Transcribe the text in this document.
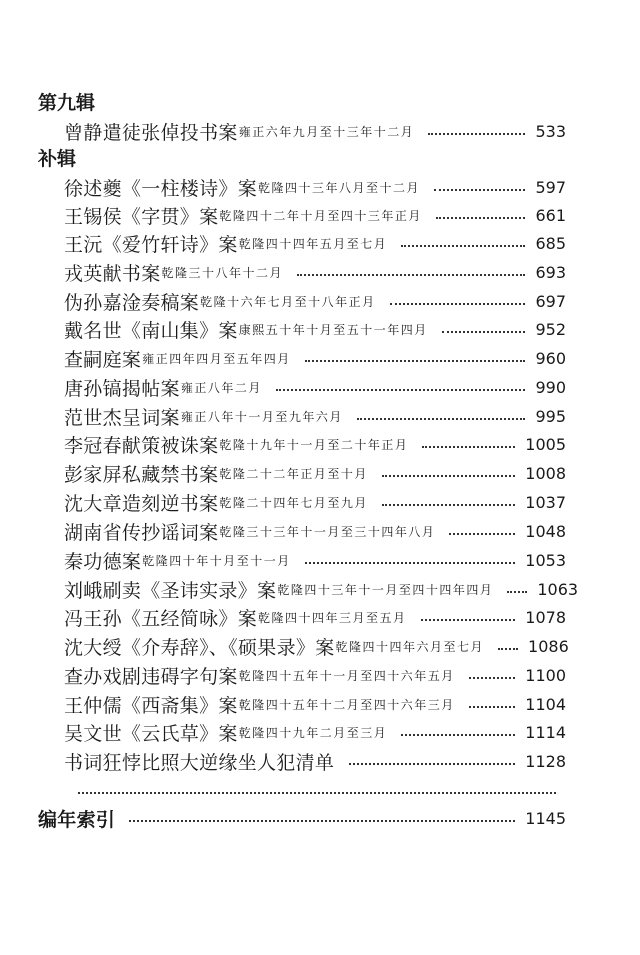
第九辑
曾静遣徒张倬投书案 雍正六年九月至十三年十二月	533
补辑
徐述夔《一柱楼诗》案 乾隆四十三年八月至十二月	597
王锡侯《字贯》案 乾隆四十二年十月至四十三年正月	661
王沅《爱竹轩诗》案 乾隆四十四年五月至七月	685
戎英献书案 乾隆三十八年十二月	693
伪孙嘉淦奏稿案 乾隆十六年七月至十八年正月	697
戴名世《南山集》案 康熙五十年十月至五十一年四月	952
查嗣庭案 雍正四年四月至五年四月	960
唐孙镐揭帖案 雍正八年二月	990
范世杰呈词案 雍正八年十一月至九年六月	995
李冠春献策被诛案 乾隆十九年十一月至二十年正月	1005
彭家屏私藏禁书案 乾隆二十二年正月至十月	1008
沈大章造刻逆书案 乾隆二十四年七月至九月	1037
湖南省传抄谣词案 乾隆三十三年十一月至三十四年八月	1048
秦功德案 乾隆四十年十月至十一月	1053
刘峨刷卖《圣讳实录》案 乾隆四十三年十一月至四十四年四月	1063
冯王孙《五经简咏》案 乾隆四十四年三月至五月	1078
沈大绶《介寿辞》、《硕果录》案 乾隆四十四年六月至七月	1086
查办戏剧违碍字句案 乾隆四十五年十一月至四十六年五月	1100
王仲儒《西斋集》案 乾隆四十五年十二月至四十六年三月	1104
吴文世《云氏草》案 乾隆四十九年二月至三月	1114
书词狂悖比照大逆缘坐人犯清单	1128
编年索引	1145
